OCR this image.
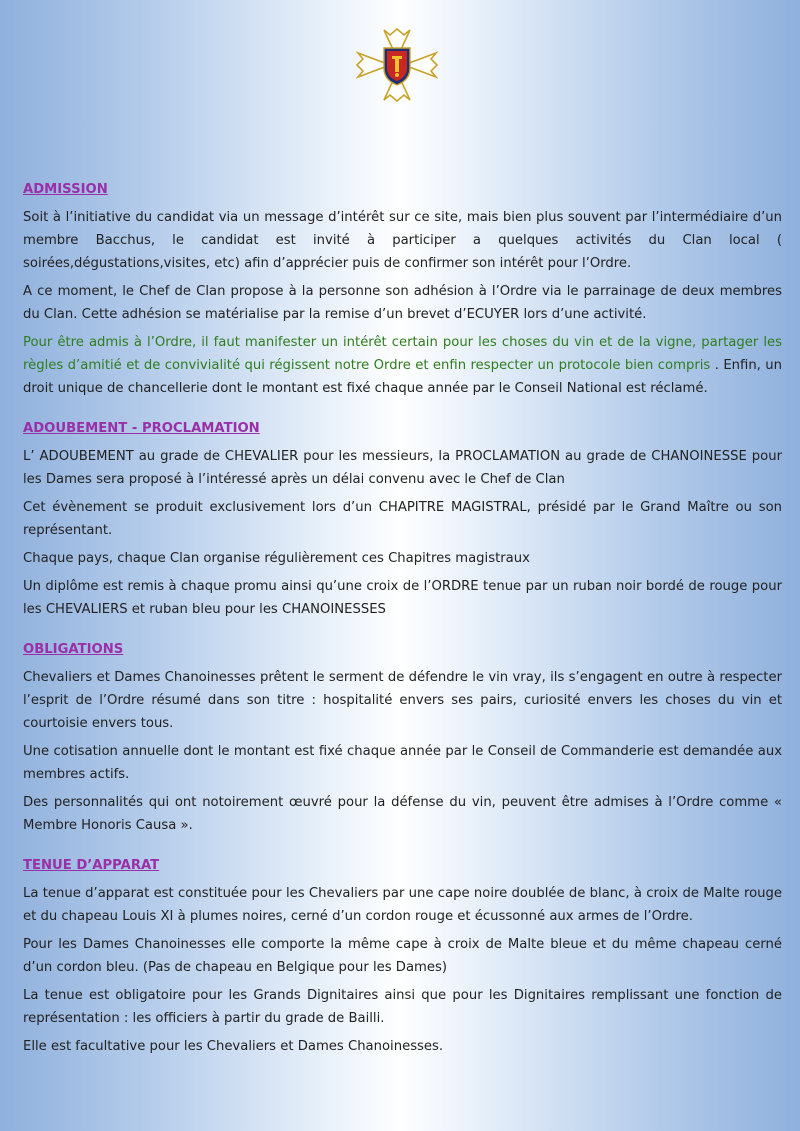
ADMISSION

Soit à l’initiative du candidat via un message d’intérêt sur ce site, mais bien plus souvent par l’intermédiaire d’un membre Bacchus, le candidat est invité à participer a quelques activités du Clan local ( soirées,dégustations,visites, etc) afin d’apprécier puis de confirmer son intérêt pour l’Ordre.

A ce moment, le Chef de Clan propose à la personne son adhésion à l’Ordre via le parrainage de deux membres du Clan. Cette adhésion se matérialise par la remise d’un brevet d’ECUYER lors d’une activité.

Pour être admis à l’Ordre, il faut manifester un intérêt certain pour les choses du vin et de la vigne, partager les règles d’amitié et de convivialité qui régissent notre Ordre et enfin respecter un protocole bien compris . Enfin, un droit unique de chancellerie dont le montant est fixé chaque année par le Conseil National est réclamé.

ADOUBEMENT - PROCLAMATION

L’ ADOUBEMENT au grade de CHEVALIER pour les messieurs, la PROCLAMATION au grade de CHANOINESSE pour les Dames sera proposé à l’intéressé après un délai convenu avec le Chef de Clan

Cet évènement se produit exclusivement lors d’un CHAPITRE MAGISTRAL, présidé par le Grand Maître ou son représentant.

Chaque pays, chaque Clan organise régulièrement ces Chapitres magistraux

Un diplôme est remis à chaque promu ainsi qu’une croix de l’ORDRE tenue par un ruban noir bordé de rouge pour les CHEVALIERS et ruban bleu pour les CHANOINESSES

OBLIGATIONS

Chevaliers et Dames Chanoinesses prêtent le serment de défendre le vin vray, ils s’engagent en outre à respecter l’esprit de l’Ordre résumé dans son titre : hospitalité envers ses pairs, curiosité envers les choses du vin et courtoisie envers tous.

Une cotisation annuelle dont le montant est fixé chaque année par le Conseil de Commanderie est demandée aux membres actifs.

Des personnalités qui ont notoirement œuvré pour la défense du vin, peuvent être admises à l’Ordre comme « Membre Honoris Causa ».

TENUE D’APPARAT

La tenue d’apparat est constituée pour les Chevaliers par une cape noire doublée de blanc, à croix de Malte rouge et du chapeau Louis XI à plumes noires, cerné d’un cordon rouge et écussonné aux armes de l’Ordre.

Pour les Dames Chanoinesses elle comporte la même cape à croix de Malte bleue et du même chapeau cerné d’un cordon bleu. (Pas de chapeau en Belgique pour les Dames)

La tenue est obligatoire pour les Grands Dignitaires ainsi que pour les Dignitaires remplissant une fonction de représentation : les officiers à partir du grade de Bailli.

Elle est facultative pour les Chevaliers et Dames Chanoinesses.
